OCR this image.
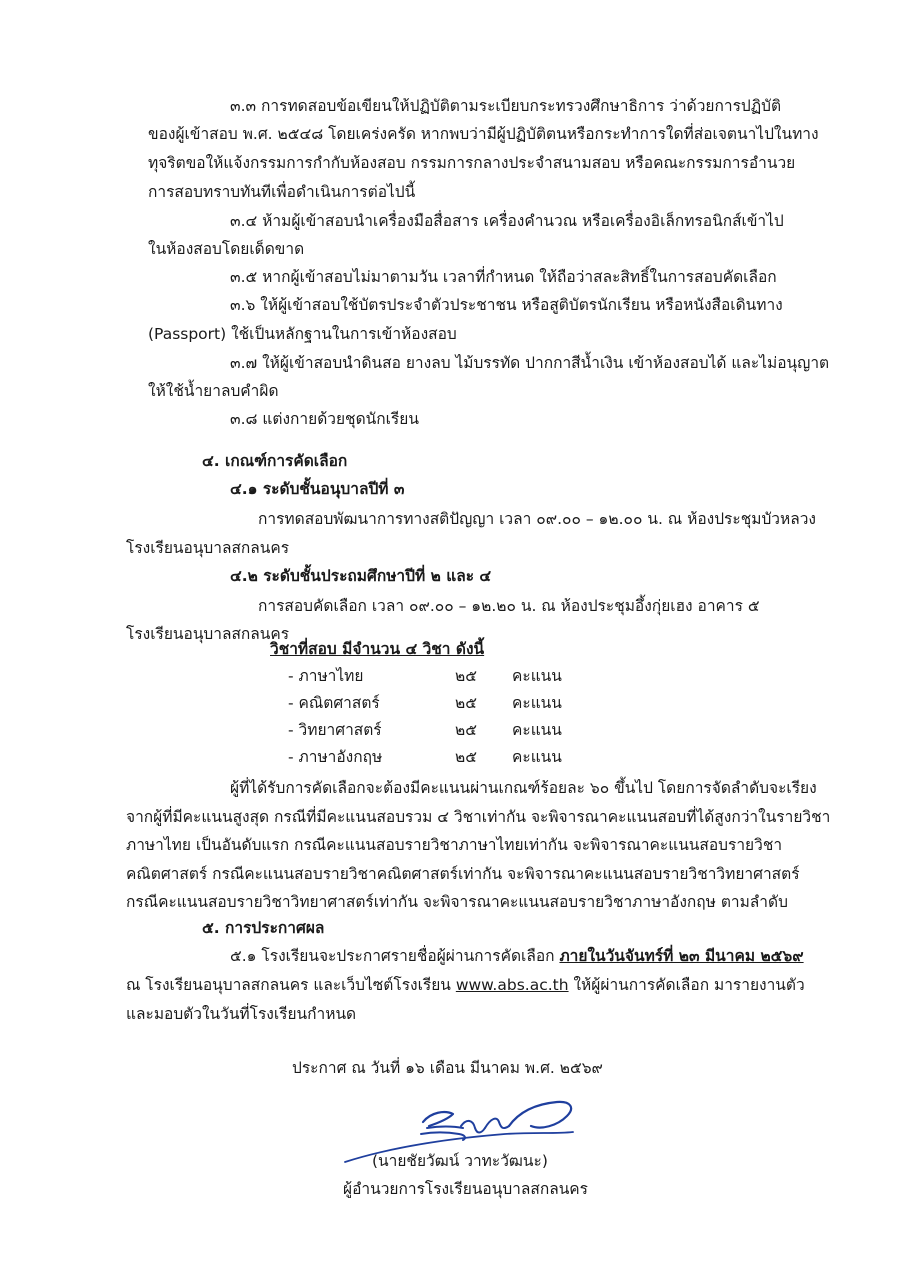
๓.๓ การทดสอบข้อเขียนให้ปฏิบัติตามระเบียบกระทรวงศึกษาธิการ ว่าด้วยการปฏิบัติ
ของผู้เข้าสอบ พ.ศ. ๒๕๔๘ โดยเคร่งครัด หากพบว่ามีผู้ปฏิบัติตนหรือกระทำการใดที่ส่อเจตนาไปในทาง
ทุจริตขอให้แจ้งกรรมการกำกับห้องสอบ กรรมการกลางประจำสนามสอบ หรือคณะกรรมการอำนวย
การสอบทราบทันทีเพื่อดำเนินการต่อไปนี้
๓.๔ ห้ามผู้เข้าสอบนำเครื่องมือสื่อสาร เครื่องคำนวณ หรือเครื่องอิเล็กทรอนิกส์เข้าไป
ในห้องสอบโดยเด็ดขาด
๓.๕ หากผู้เข้าสอบไม่มาตามวัน เวลาที่กำหนด ให้ถือว่าสละสิทธิ์ในการสอบคัดเลือก
๓.๖ ให้ผู้เข้าสอบใช้บัตรประจำตัวประชาชน หรือสูติบัตรนักเรียน หรือหนังสือเดินทาง
(Passport) ใช้เป็นหลักฐานในการเข้าห้องสอบ
๓.๗ ให้ผู้เข้าสอบนำดินสอ ยางลบ ไม้บรรทัด ปากกาสีน้ำเงิน เข้าห้องสอบได้ และไม่อนุญาต
ให้ใช้น้ำยาลบคำผิด
๓.๘ แต่งกายด้วยชุดนักเรียน
๔. เกณฑ์การคัดเลือก
๔.๑ ระดับชั้นอนุบาลปีที่ ๓
การทดสอบพัฒนาการทางสติปัญญา เวลา ๐๙.๐๐ – ๑๒.๐๐ น. ณ ห้องประชุมบัวหลวง
โรงเรียนอนุบาลสกลนคร
๔.๒ ระดับชั้นประถมศึกษาปีที่ ๒ และ ๔
การสอบคัดเลือก เวลา ๐๙.๐๐ – ๑๒.๒๐ น. ณ ห้องประชุมอึ้งกุ่ยเฮง อาคาร ๕
โรงเรียนอนุบาลสกลนคร
วิชาที่สอบ มีจำนวน ๔ วิชา ดังนี้
- ภาษาไทย	๒๕ คะแนน
- คณิตศาสตร์	๒๕ คะแนน
- วิทยาศาสตร์	๒๕ คะแนน
- ภาษาอังกฤษ	๒๕ คะแนน
ผู้ที่ได้รับการคัดเลือกจะต้องมีคะแนนผ่านเกณฑ์ร้อยละ ๖๐ ขึ้นไป โดยการจัดลำดับจะเรียง
จากผู้ที่มีคะแนนสูงสุด กรณีที่มีคะแนนสอบรวม ๔ วิชาเท่ากัน จะพิจารณาคะแนนสอบที่ได้สูงกว่าในรายวิชา
ภาษาไทย เป็นอันดับแรก กรณีคะแนนสอบรายวิชาภาษาไทยเท่ากัน จะพิจารณาคะแนนสอบรายวิชา
คณิตศาสตร์ กรณีคะแนนสอบรายวิชาคณิตศาสตร์เท่ากัน จะพิจารณาคะแนนสอบรายวิชาวิทยาศาสตร์
กรณีคะแนนสอบรายวิชาวิทยาศาสตร์เท่ากัน จะพิจารณาคะแนนสอบรายวิชาภาษาอังกฤษ ตามลำดับ
๕. การประกาศผล
๕.๑ โรงเรียนจะประกาศรายชื่อผู้ผ่านการคัดเลือก ภายในวันจันทร์ที่ ๒๓ มีนาคม ๒๕๖๙
ณ โรงเรียนอนุบาลสกลนคร และเว็บไซต์โรงเรียน www.abs.ac.th ให้ผู้ผ่านการคัดเลือก มารายงานตัว
และมอบตัวในวันที่โรงเรียนกำหนด
ประกาศ ณ วันที่ ๑๖ เดือน มีนาคม พ.ศ. ๒๕๖๙
(นายชัยวัฒน์ วาทะวัฒนะ)
ผู้อำนวยการโรงเรียนอนุบาลสกลนคร
